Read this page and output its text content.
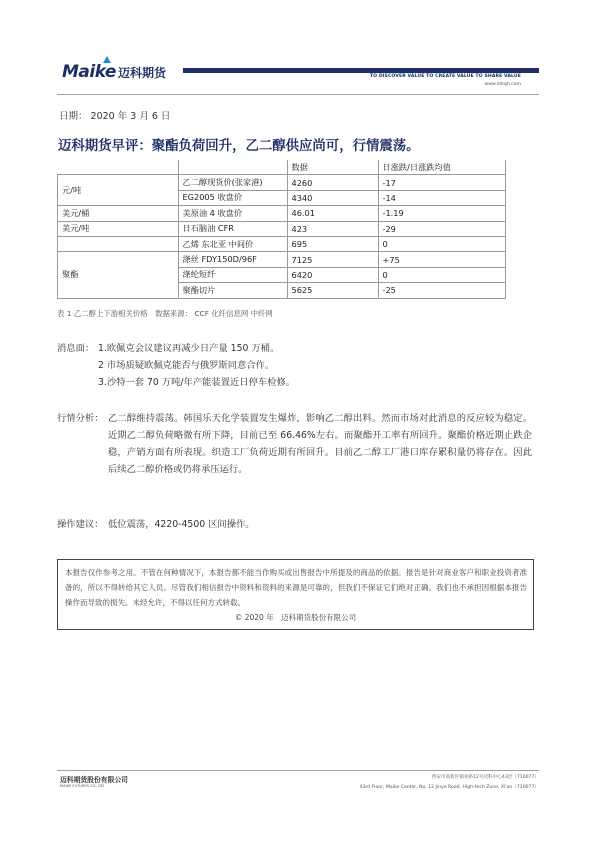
Maike 迈科期货	TO DISCOVER VALUE TO CREATE VALUE TO SHARE VALUE
www.mkqh.com
日期： 2020 年 3 月 6 日
迈科期货早评：聚酯负荷回升，乙二醇供应尚可，行情震荡。
		数据	日涨跌/日涨跌均值
元/吨	乙二醇现货价(张家港)	4260	-17
	EG2005 收盘价	4340	-14
美元/桶	美原油 4 收盘价	46.01	-1.19
美元/吨	日石脑油 CFR	423	-29
	乙烯 东北亚 中间价	695	0
聚酯	涤丝 FDY150D/96F	7125	+75
	涤纶短纤	6420	0
	聚酯切片	5625	-25
表 1 乙二醇上下游相关价格　数据来源： CCF 化纤信息网 中纤网
消息面： 1.欧佩克会议建议再减少日产量 150 万桶。
2 市场质疑欧佩克能否与俄罗斯同意合作。
3.沙特一套 70 万吨/年产能装置近日停车检修。
行情分析： 乙二醇维持震荡。韩国乐天化学装置发生爆炸，影响乙二醇出料。然而市场对此消息的反应较为稳定。近期乙二醇负荷略微有所下降，目前已至 66.46%左右。而聚酯开工率有所回升。聚酯价格近期止跌企稳，产销方面有所表现。织造工厂负荷近期有所回升。目前乙二醇工厂港口库存累积量仍将存在。因此后续乙二醇价格或仍将承压运行。
操作建议： 低位震荡，4220-4500 区间操作。
本报告仅作参考之用。不管在何种情况下，本报告都不能当作购买或出售报告中所提及的商品的依据。报告是针对商业客户和职业投资者准备的，所以不得转给其它人员。尽管我们相信报告中资料和资料的来源是可靠的，但我们不保证它们绝对正确。我们也不承担因根据本报告操作而导致的损失。未经允许，不得以任何方式转载。
© 2020 年　迈科期货股份有限公司
迈科期货股份有限公司
MAIKE FUTURES CO.,LTD
西安市高新区锦业路12号迈科中心43层（710077）
43rd Floor, Maike Center, No. 12 Jinye Road, High-tech Zone, Xi'an（710077）
